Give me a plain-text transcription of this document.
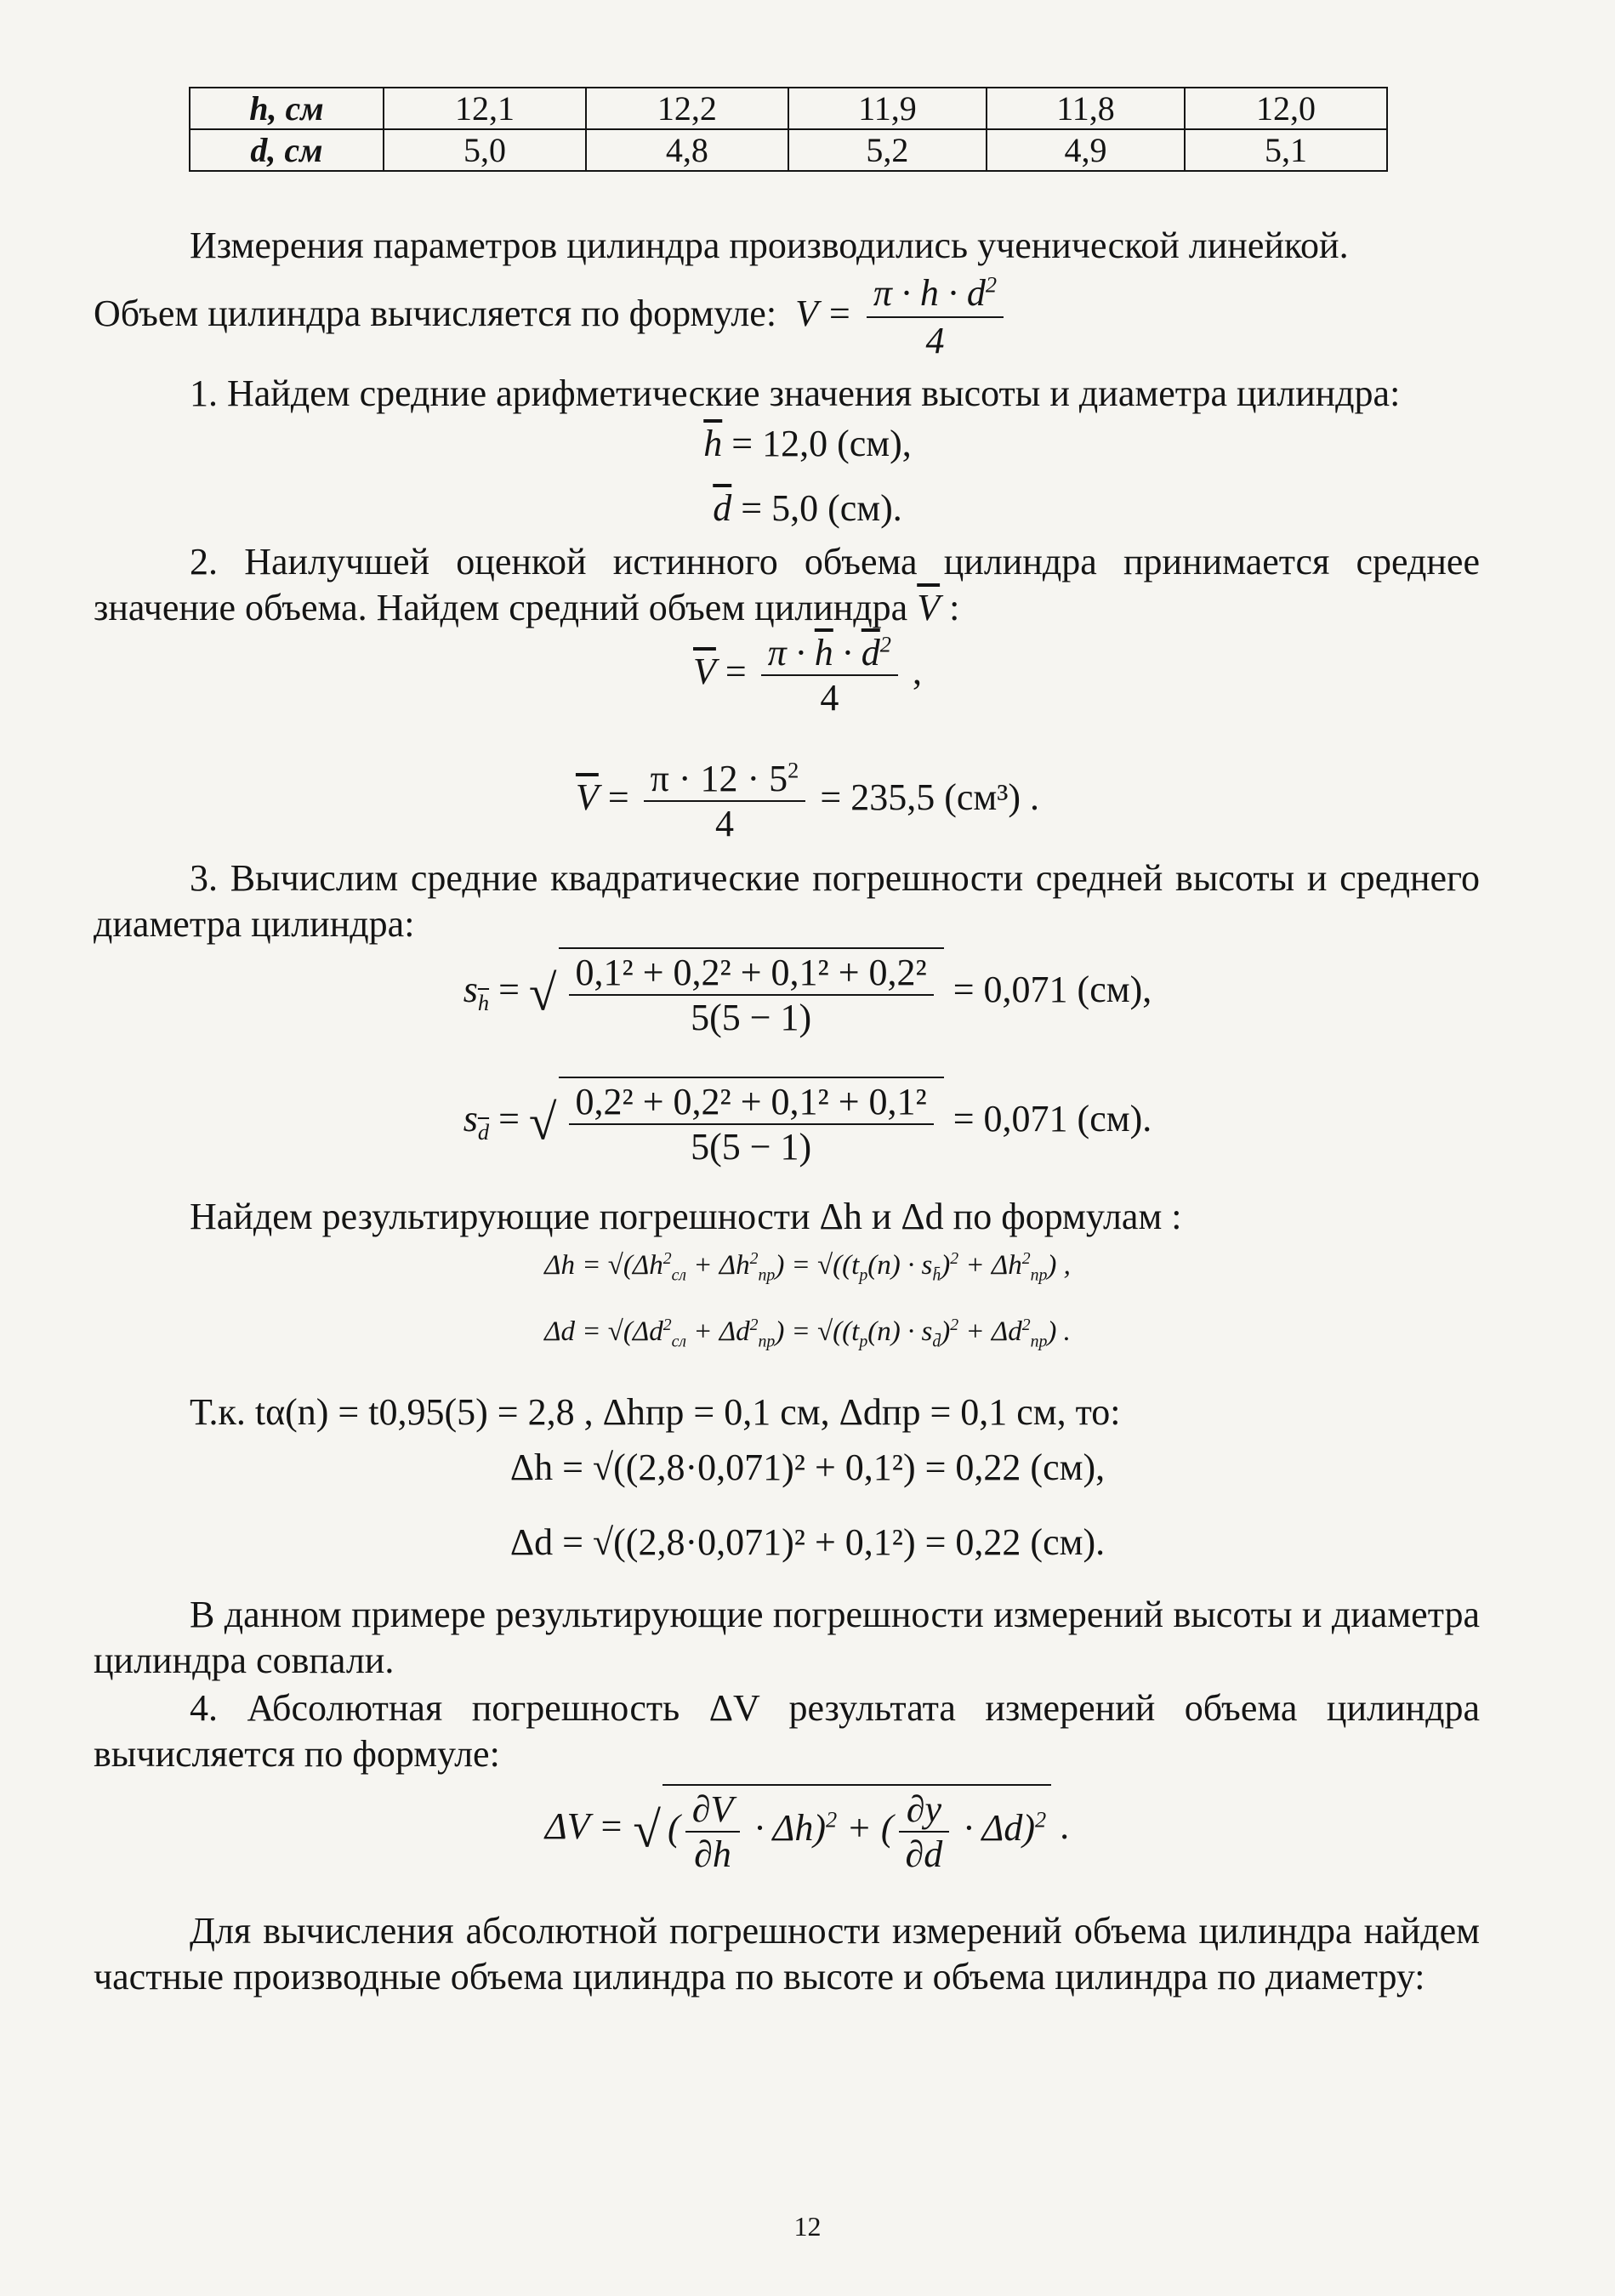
h, см	12,1	12,2	11,9	11,8	12,0
d, см	5,0	4,8	5,2	4,9	5,1

Измерения параметров цилиндра производились ученической линейкой.

Объем цилиндра вычисляется по формуле:  $V = \frac{\pi \cdot h \cdot d^2}{4}$

1. Найдем средние арифметические значения высоты и диаметра цилиндра:

$\overline{h} = 12,0$ (см),
$\overline{d} = 5,0$ (см).

2. Наилучшей оценкой истинного объема цилиндра принимается среднее значение объема. Найдем средний объем цилиндра $\overline{V}$ :

$\overline{V} = \frac{\pi \cdot \overline{h} \cdot \overline{d}^2}{4}$ ,
$\overline{V} = \frac{\pi \cdot 12 \cdot 5^2}{4} = 235,5$ (см³) .

3. Вычислим средние квадратические погрешности средней высоты и среднего диаметра цилиндра:

$s_{\overline{h}}$ = √ $\frac{\text{0,1² + 0,2² + 0,1² + 0,2²}}{5(5 - 1)} = 0,071$ (см),
$s_{\overline{d}}$ = √ $\frac{\text{0,2² + 0,2² + 0,1² + 0,1²}}{5(5 - 1)} = 0,071$ (см).

Найдем результирующие погрешности Δh и Δd по формулам :

$\Delta h = √(\Delta h^2_{сл} + \Delta h^2_{пр}) = √((t_p(n) \cdot s_{h̄})^2 + \Delta h^2_{пр})$ ,
$\Delta d = √(\Delta d^2_{сл} + \Delta d^2_{пр}) = √((t_p(n) \cdot s_{d̄})^2 + \Delta d^2_{пр})$ .

Т.к. tα(n) = t0,95(5) = 2,8 , Δhпр = 0,1 см, Δdпр = 0,1 см, то:

Δh = √((2,8·0,071)² + 0,1²) = 0,22 (см),
Δd = √((2,8·0,071)² + 0,1²) = 0,22 (см).

В данном примере результирующие погрешности измерений высоты и диаметра цилиндра совпали.

4. Абсолютная погрешность ΔV результата измерений объема цилиндра вычисляется по формуле:

ΔV = √ ( $\frac{\partial V}{\partial h} \cdot \Delta h)^2$ + ( $\frac{\partial y}{\partial d} \cdot \Delta d)^2$ .

Для вычисления абсолютной погрешности измерений объема цилиндра найдем частные производные объема цилиндра по высоте и объема цилиндра по диаметру:

12
